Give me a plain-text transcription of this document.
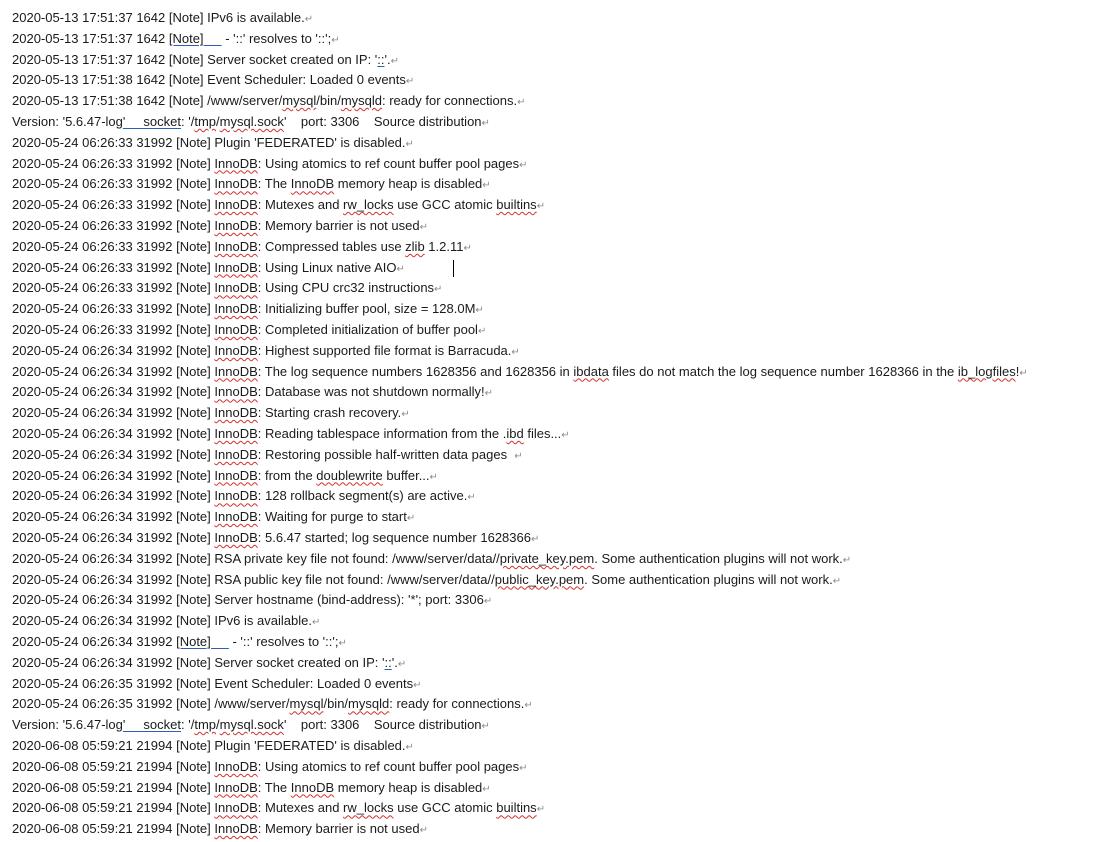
2020-05-13 17:51:37 1642 [Note] IPv6 is available.↵
2020-05-13 17:51:37 1642 [Note]      - '::' resolves to '::';↵
2020-05-13 17:51:37 1642 [Note] Server socket created on IP: '::'.↵
2020-05-13 17:51:38 1642 [Note] Event Scheduler: Loaded 0 events↵
2020-05-13 17:51:38 1642 [Note] /www/server/mysql/bin/mysqld: ready for connections.↵
Version: '5.6.47-log'     socket: '/tmp/mysql.sock'    port: 3306    Source distribution↵
2020-05-24 06:26:33 31992 [Note] Plugin 'FEDERATED' is disabled.↵
2020-05-24 06:26:33 31992 [Note] InnoDB: Using atomics to ref count buffer pool pages↵
2020-05-24 06:26:33 31992 [Note] InnoDB: The InnoDB memory heap is disabled↵
2020-05-24 06:26:33 31992 [Note] InnoDB: Mutexes and rw_locks use GCC atomic builtins↵
2020-05-24 06:26:33 31992 [Note] InnoDB: Memory barrier is not used↵
2020-05-24 06:26:33 31992 [Note] InnoDB: Compressed tables use zlib 1.2.11↵
2020-05-24 06:26:33 31992 [Note] InnoDB: Using Linux native AIO↵
2020-05-24 06:26:33 31992 [Note] InnoDB: Using CPU crc32 instructions↵
2020-05-24 06:26:33 31992 [Note] InnoDB: Initializing buffer pool, size = 128.0M↵
2020-05-24 06:26:33 31992 [Note] InnoDB: Completed initialization of buffer pool↵
2020-05-24 06:26:34 31992 [Note] InnoDB: Highest supported file format is Barracuda.↵
2020-05-24 06:26:34 31992 [Note] InnoDB: The log sequence numbers 1628356 and 1628356 in ibdata files do not match the log sequence number 1628366 in the ib_logfiles!↵
2020-05-24 06:26:34 31992 [Note] InnoDB: Database was not shutdown normally!↵
2020-05-24 06:26:34 31992 [Note] InnoDB: Starting crash recovery.↵
2020-05-24 06:26:34 31992 [Note] InnoDB: Reading tablespace information from the .ibd files...↵
2020-05-24 06:26:34 31992 [Note] InnoDB: Restoring possible half-written data pages  ↵
2020-05-24 06:26:34 31992 [Note] InnoDB: from the doublewrite buffer...↵
2020-05-24 06:26:34 31992 [Note] InnoDB: 128 rollback segment(s) are active.↵
2020-05-24 06:26:34 31992 [Note] InnoDB: Waiting for purge to start↵
2020-05-24 06:26:34 31992 [Note] InnoDB: 5.6.47 started; log sequence number 1628366↵
2020-05-24 06:26:34 31992 [Note] RSA private key file not found: /www/server/data//private_key.pem. Some authentication plugins will not work.↵
2020-05-24 06:26:34 31992 [Note] RSA public key file not found: /www/server/data//public_key.pem. Some authentication plugins will not work.↵
2020-05-24 06:26:34 31992 [Note] Server hostname (bind-address): '*'; port: 3306↵
2020-05-24 06:26:34 31992 [Note] IPv6 is available.↵
2020-05-24 06:26:34 31992 [Note]      - '::' resolves to '::';↵
2020-05-24 06:26:34 31992 [Note] Server socket created on IP: '::'.↵
2020-05-24 06:26:35 31992 [Note] Event Scheduler: Loaded 0 events↵
2020-05-24 06:26:35 31992 [Note] /www/server/mysql/bin/mysqld: ready for connections.↵
Version: '5.6.47-log'     socket: '/tmp/mysql.sock'    port: 3306    Source distribution↵
2020-06-08 05:59:21 21994 [Note] Plugin 'FEDERATED' is disabled.↵
2020-06-08 05:59:21 21994 [Note] InnoDB: Using atomics to ref count buffer pool pages↵
2020-06-08 05:59:21 21994 [Note] InnoDB: The InnoDB memory heap is disabled↵
2020-06-08 05:59:21 21994 [Note] InnoDB: Mutexes and rw_locks use GCC atomic builtins↵
2020-06-08 05:59:21 21994 [Note] InnoDB: Memory barrier is not used↵
